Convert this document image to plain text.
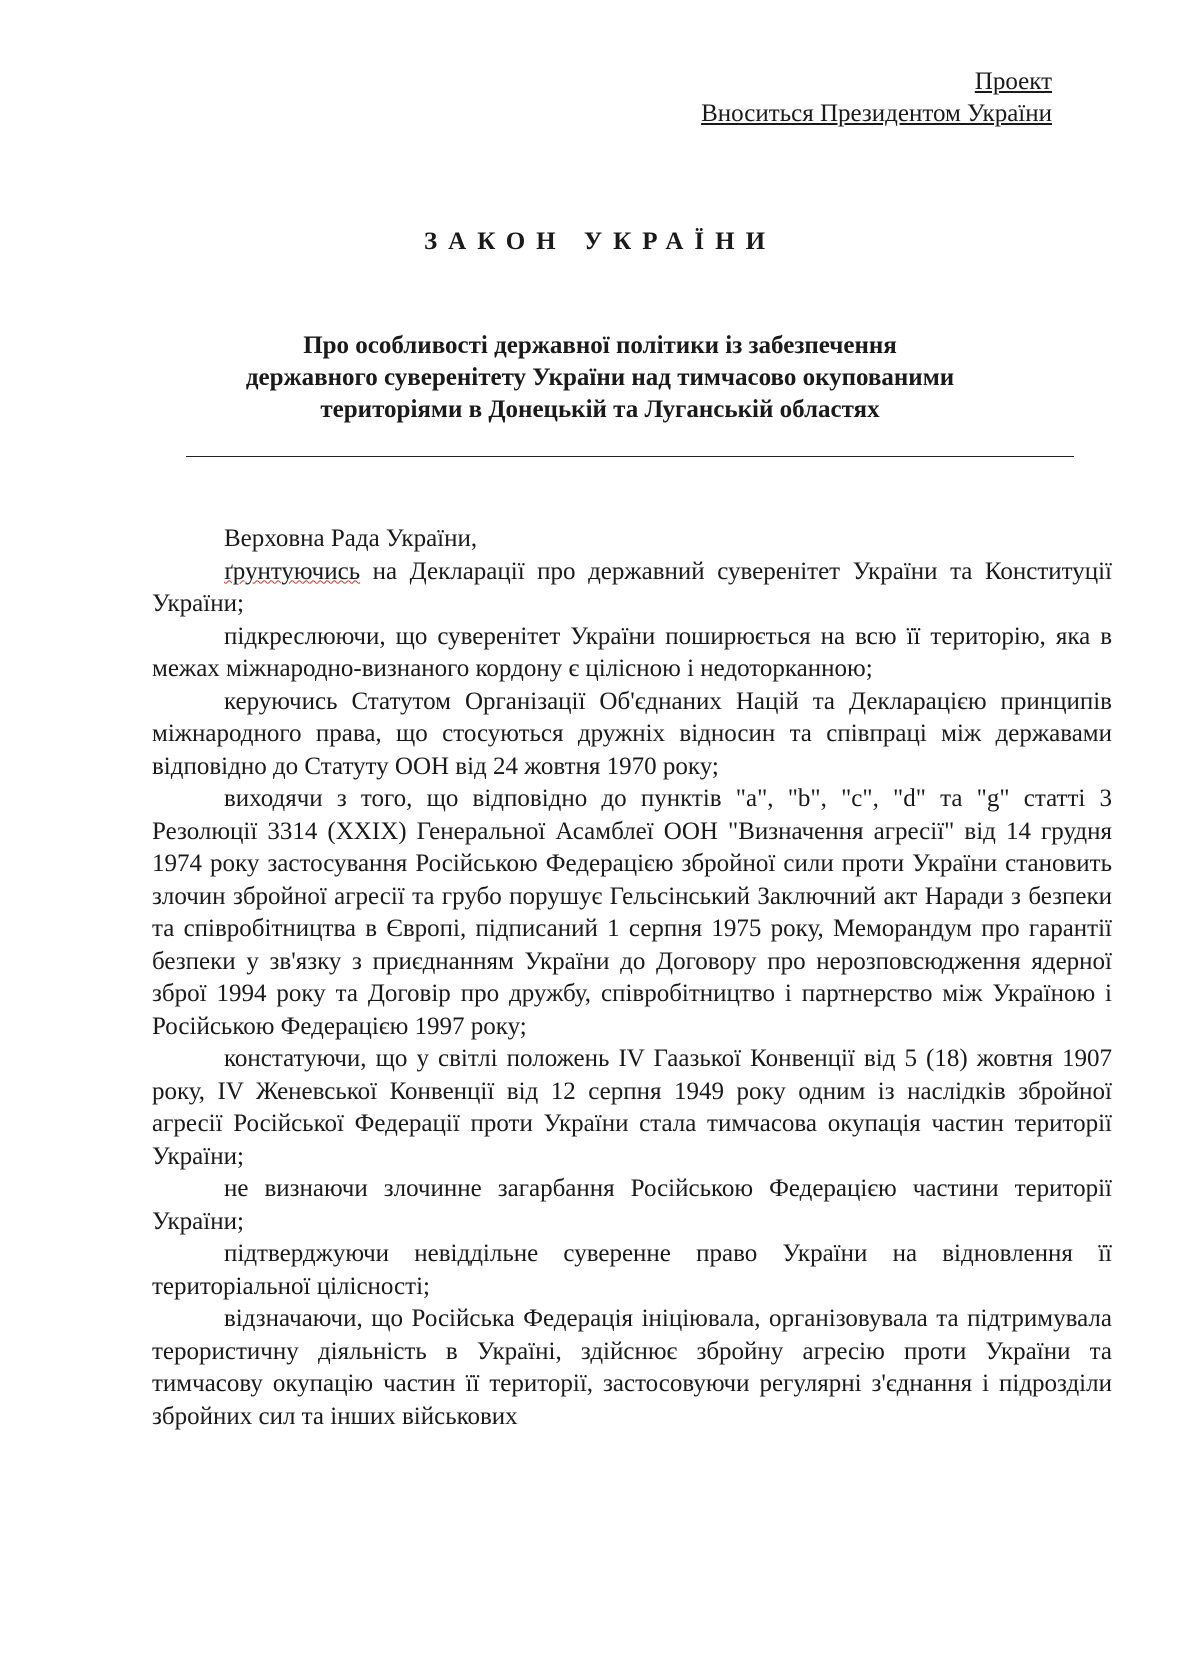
Проект
Вноситься Президентом України
ЗАКОН УКРАЇНИ
Про особливості державної політики із забезпечення
державного суверенітету України над тимчасово окупованими
територіями в Донецькій та Луганській областях

Верховна Рада України,

ґрунтуючись на Декларації про державний суверенітет України та Конституції України;

підкреслюючи, що суверенітет України поширюється на всю її територію, яка в межах міжнародно-визнаного кордону є цілісною і недоторканною;

керуючись Статутом Організації Об'єднаних Націй та Декларацією принципів міжнародного права, що стосуються дружніх відносин та співпраці між державами відповідно до Статуту ООН від 24 жовтня 1970 року;

виходячи з того, що відповідно до пунктів "а", "b", "с", "d" та "g" статті 3 Резолюції 3314 (XXIX) Генеральної Асамблеї ООН "Визначення агресії" від 14 грудня 1974 року застосування Російською Федерацією збройної сили проти України становить злочин збройної агресії та грубо порушує Гельсінський Заключний акт Наради з безпеки та співробітництва в Європі, підписаний 1 серпня 1975 року, Меморандум про гарантії безпеки у зв'язку з приєднанням України до Договору про нерозповсюдження ядерної зброї 1994 року та Договір про дружбу, співробітництво і партнерство між Україною і Російською Федерацією 1997 року;

констатуючи, що у світлі положень IV Гаазької Конвенції від 5 (18) жовтня 1907 року, IV Женевської Конвенції від 12 серпня 1949 року одним із наслідків збройної агресії Російської Федерації проти України стала тимчасова окупація частин території України;

не визнаючи злочинне загарбання Російською Федерацією частини території України;

підтверджуючи невіддільне суверенне право України на відновлення її територіальної цілісності;

відзначаючи, що Російська Федерація ініціювала, організовувала та підтримувала терористичну діяльність в Україні, здійснює збройну агресію проти України та тимчасову окупацію частин її території, застосовуючи регулярні з'єднання і підрозділи збройних сил та інших військових
